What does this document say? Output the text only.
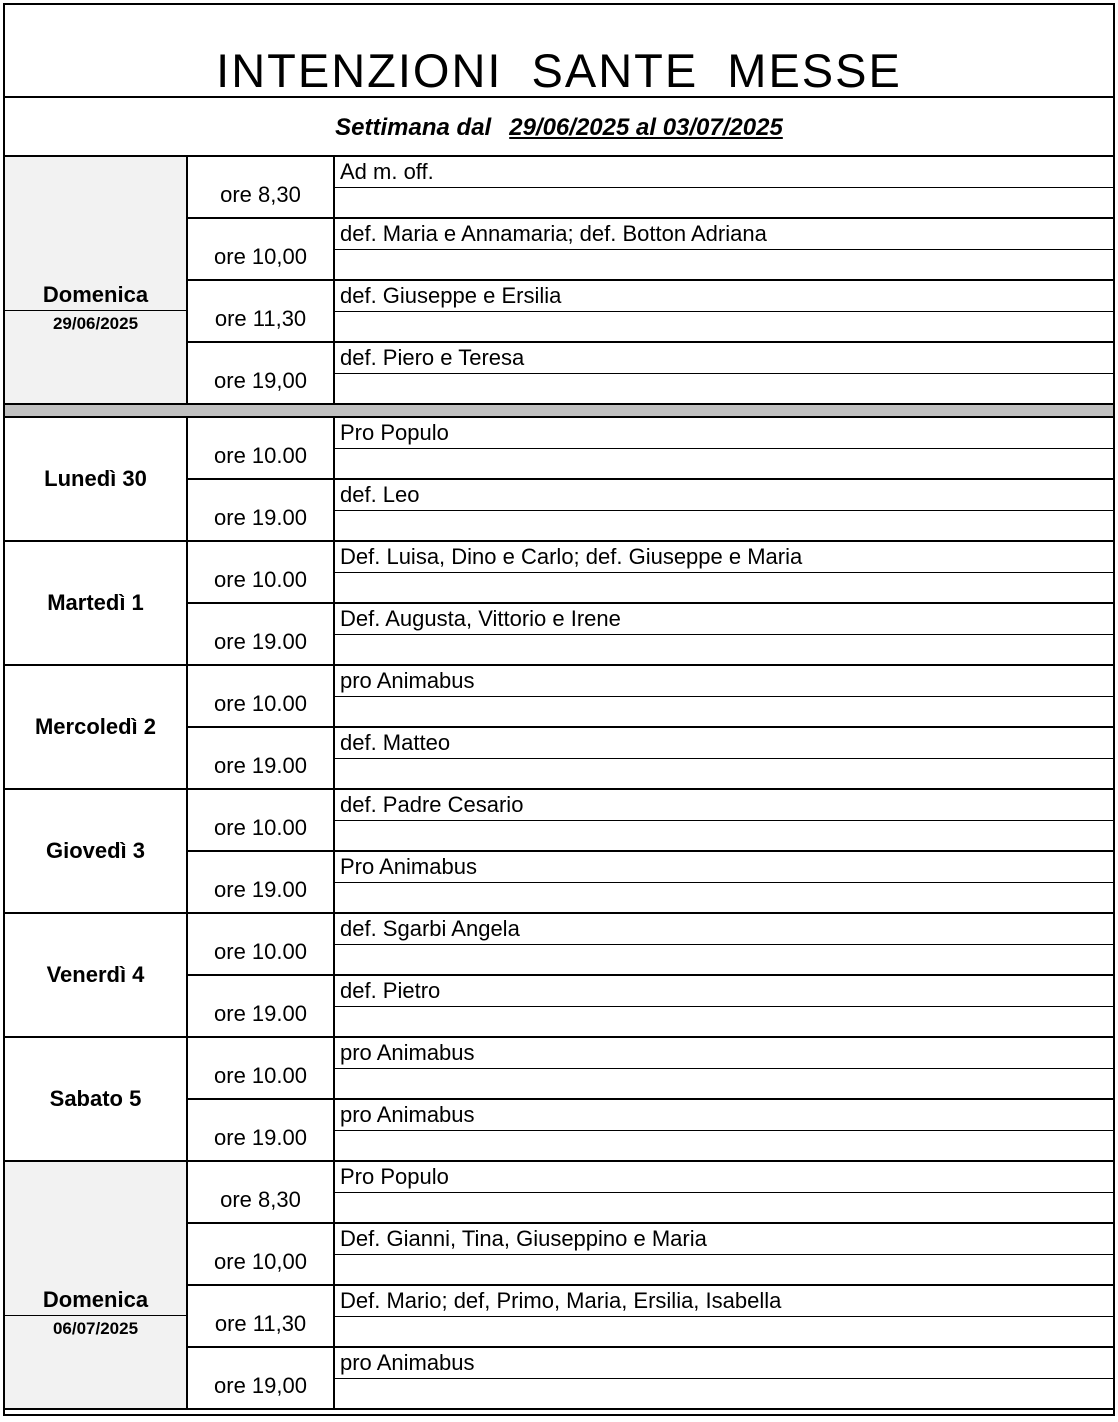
INTENZIONI SANTE MESSE
Settimana dal 29/06/2025 al 03/07/2025
Domenica
29/06/2025
ore 8,30
Ad m. off.
ore 10,00
def. Maria e Annamaria; def. Botton Adriana
ore 11,30
def. Giuseppe e Ersilia
ore 19,00
def. Piero e Teresa
Lunedì 30
ore 10.00
Pro Populo
ore 19.00
def. Leo
Martedì 1
ore 10.00
Def. Luisa, Dino e Carlo; def. Giuseppe e Maria
ore 19.00
Def. Augusta, Vittorio e Irene
Mercoledì 2
ore 10.00
pro Animabus
ore 19.00
def. Matteo
Giovedì 3
ore 10.00
def. Padre Cesario
ore 19.00
Pro Animabus
Venerdì 4
ore 10.00
def. Sgarbi Angela
ore 19.00
def. Pietro
Sabato 5
ore 10.00
pro Animabus
ore 19.00
pro Animabus
Domenica
06/07/2025
ore 8,30
Pro Populo
ore 10,00
Def. Gianni, Tina, Giuseppino e Maria
ore 11,30
Def. Mario; def, Primo, Maria, Ersilia, Isabella
ore 19,00
pro Animabus
